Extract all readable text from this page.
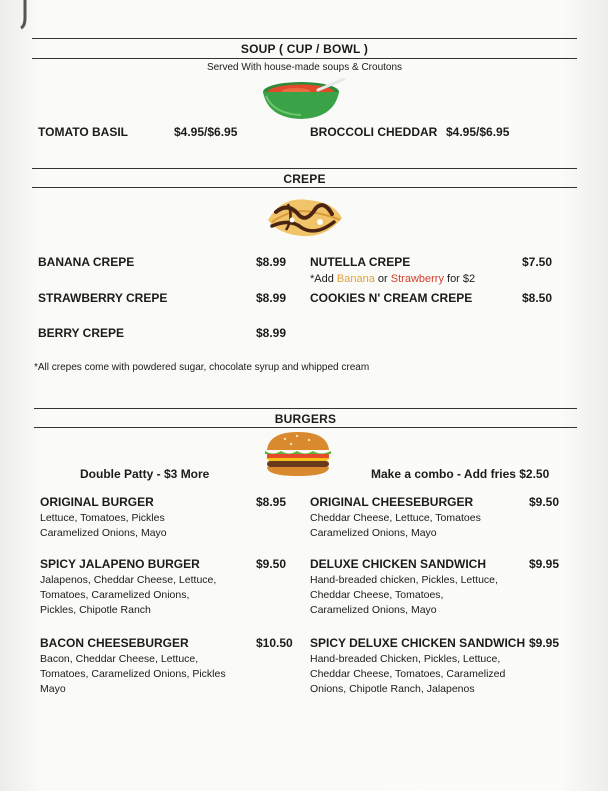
SOUP ( CUP / BOWL )
Served With house-made soups & Croutons
TOMATO BASIL	$4.95/$6.95	BROCCOLI CHEDDAR $4.95/$6.95
CREPE
BANANA CREPE	$8.99
STRAWBERRY CREPE	$8.99
BERRY CREPE	$8.99
NUTELLA CREPE	$7.50
*Add Banana or Strawberry for $2
COOKIES N' CREAM CREPE	$8.50
*All crepes come with powdered sugar, chocolate syrup and whipped cream
BURGERS
Double Patty - $3 More	Make a combo - Add fries $2.50
ORIGINAL BURGER	$8.95
Lettuce, Tomatoes, Pickles
Caramelized Onions, Mayo
SPICY JALAPENO BURGER	$9.50
Jalapenos, Cheddar Cheese, Lettuce,
Tomatoes, Caramelized Onions,
Pickles, Chipotle Ranch
BACON CHEESEBURGER	$10.50
Bacon, Cheddar Cheese, Lettuce,
Tomatoes, Caramelized Onions, Pickles
Mayo
ORIGINAL CHEESEBURGER	$9.50
Cheddar Cheese, Lettuce, Tomatoes
Caramelized Onions, Mayo
DELUXE CHICKEN SANDWICH	$9.95
Hand-breaded chicken, Pickles, Lettuce,
Cheddar Cheese, Tomatoes,
Caramelized Onions, Mayo
SPICY DELUXE CHICKEN SANDWICH $9.95
Hand-breaded Chicken, Pickles, Lettuce,
Cheddar Cheese, Tomatoes, Caramelized
Onions, Chipotle Ranch, Jalapenos
